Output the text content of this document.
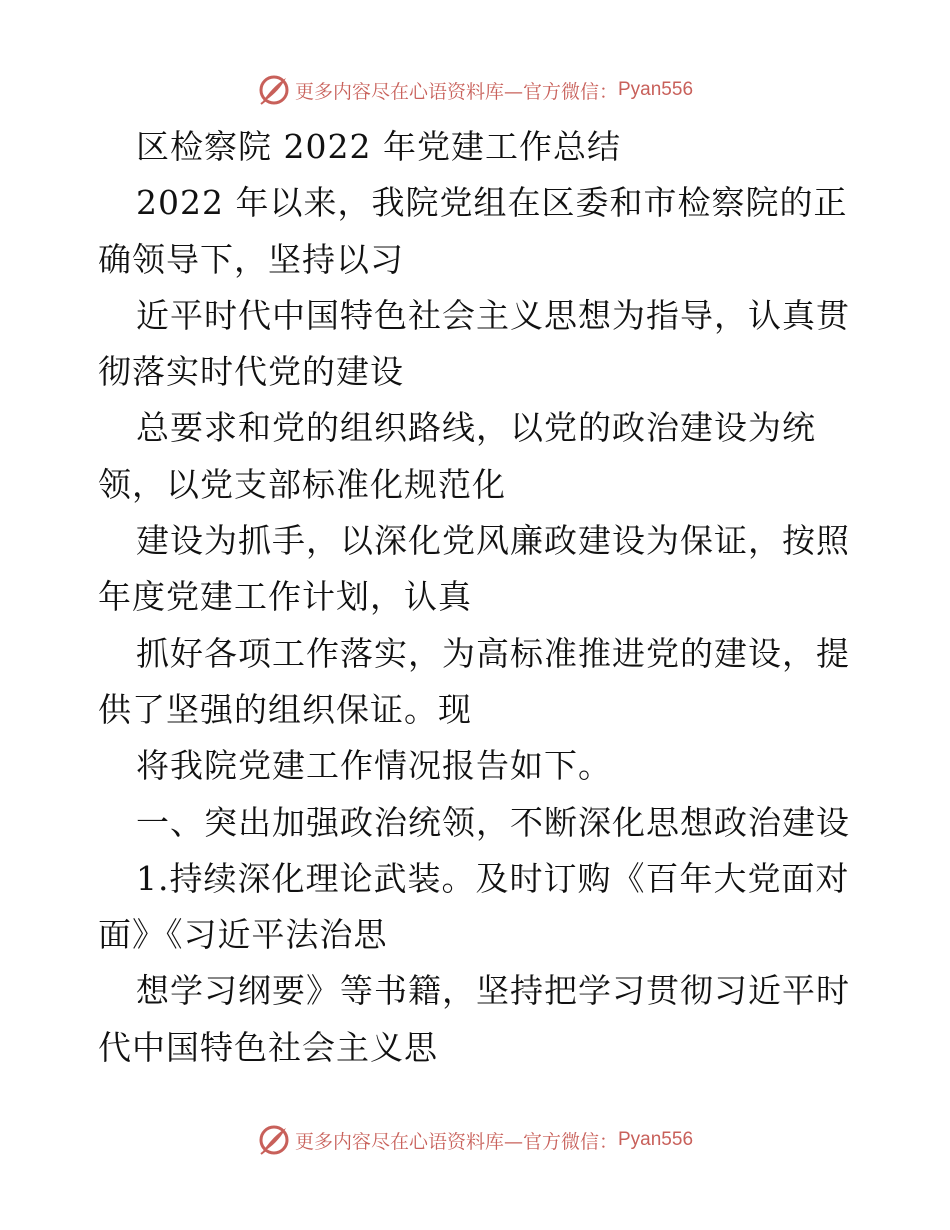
更多内容尽在心语资料库—官方微信： Pyan556
区检察院 2022 年党建工作总结
2022 年以来，我院党组在区委和市检察院的正
确领导下，坚持以习
近平时代中国特色社会主义思想为指导，认真贯
彻落实时代党的建设
总要求和党的组织路线，以党的政治建设为统
领，以党支部标准化规范化
建设为抓手，以深化党风廉政建设为保证，按照
年度党建工作计划，认真
抓好各项工作落实，为高标准推进党的建设，提
供了坚强的组织保证。现
将我院党建工作情况报告如下。
一、突出加强政治统领，不断深化思想政治建设
1.持续深化理论武装。及时订购《百年大党面对
面》《习近平法治思
想学习纲要》等书籍，坚持把学习贯彻习近平时
代中国特色社会主义思
更多内容尽在心语资料库—官方微信： Pyan556
